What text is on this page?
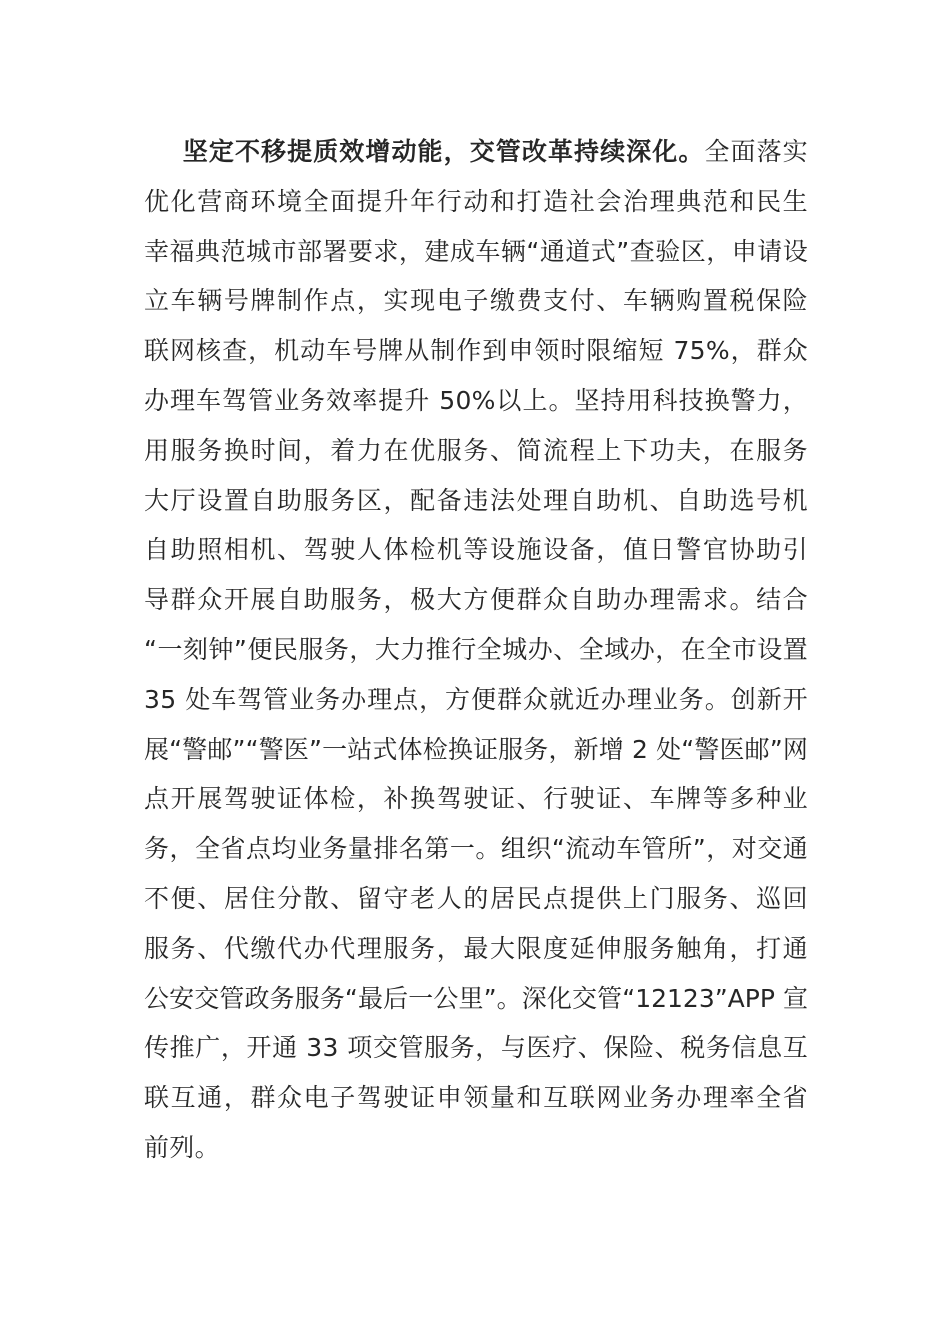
坚定不移提质效增动能，交管改革持续深化。全面落实
优化营商环境全面提升年行动和打造社会治理典范和民生
幸福典范城市部署要求，建成车辆“通道式”查验区，申请设
立车辆号牌制作点，实现电子缴费支付、车辆购置税保险
联网核查，机动车号牌从制作到申领时限缩短 75%，群众
办理车驾管业务效率提升 50%以上。坚持用科技换警力，
用服务换时间，着力在优服务、简流程上下功夫，在服务
大厅设置自助服务区，配备违法处理自助机、自助选号机
自助照相机、驾驶人体检机等设施设备，值日警官协助引
导群众开展自助服务，极大方便群众自助办理需求。结合
“一刻钟”便民服务，大力推行全城办、全域办，在全市设置
35 处车驾管业务办理点，方便群众就近办理业务。创新开
展“警邮”“警医”一站式体检换证服务，新增 2 处“警医邮”网
点开展驾驶证体检，补换驾驶证、行驶证、车牌等多种业
务，全省点均业务量排名第一。组织“流动车管所”，对交通
不便、居住分散、留守老人的居民点提供上门服务、巡回
服务、代缴代办代理服务，最大限度延伸服务触角，打通
公安交管政务服务“最后一公里”。深化交管“12123”APP 宣
传推广，开通 33 项交管服务，与医疗、保险、税务信息互
联互通，群众电子驾驶证申领量和互联网业务办理率全省
前列。
